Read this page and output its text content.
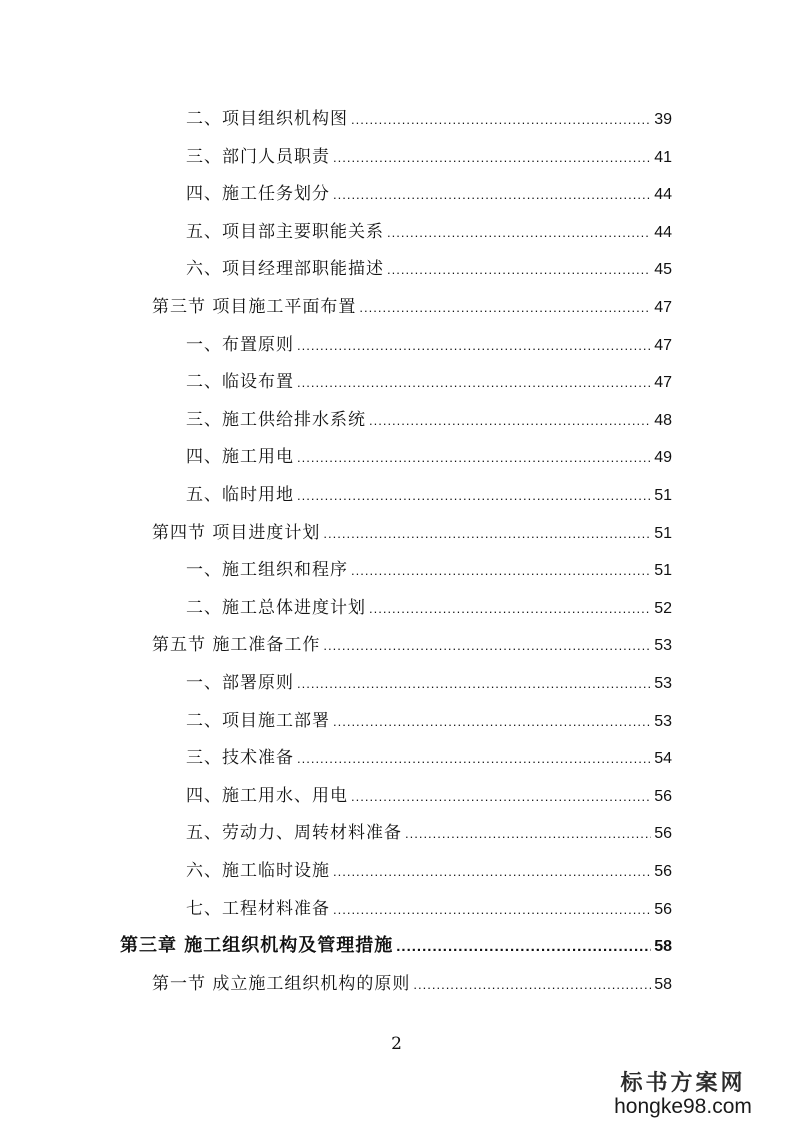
二、项目组织机构图 .....	39
三、部门人员职责 .....	41
四、施工任务划分 .....	44
五、项目部主要职能关系 .....	44
六、项目经理部职能描述 .....	45
第三节 项目施工平面布置 .....	47
一、布置原则 .....	47
二、临设布置 .....	47
三、施工供给排水系统 .....	48
四、施工用电 .....	49
五、临时用地 .....	51
第四节 项目进度计划 .....	51
一、施工组织和程序 .....	51
二、施工总体进度计划 .....	52
第五节 施工准备工作 .....	53
一、部署原则 .....	53
二、项目施工部署 .....	53
三、技术准备 .....	54
四、施工用水、用电 .....	56
五、劳动力、周转材料准备 .....	56
六、施工临时设施 .....	56
七、工程材料准备 .....	56
第三章 施工组织机构及管理措施 .....	58
第一节 成立施工组织机构的原则 .....	58
2
标书方案网
hongke98.com
